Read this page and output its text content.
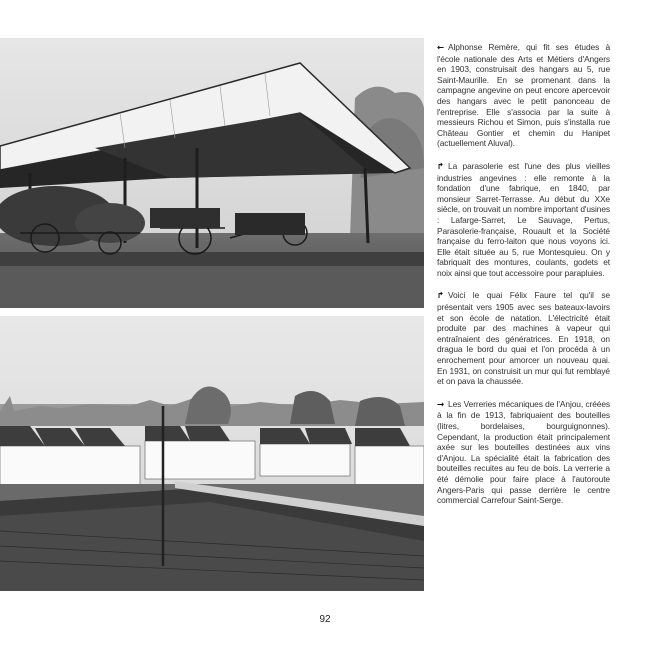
← Alphonse Remère, qui fit ses études à l'école nationale des Arts et Métiers d'Angers en 1903, construisait des hangars au 5, rue Saint-Maurille. En se promenant dans la campagne angevine on peut encore apercevoir des hangars avec le petit panonceau de l'entreprise. Elle s'associa par la suite à messieurs Richou et Simon, puis s'installa rue Château Gontier et chemin du Hanipet (actuellement Aluval).

↱ La parasolerie est l'une des plus vieilles industries angevines : elle remonte à la fondation d'une fabrique, en 1840, par monsieur Sarret-Terrasse. Au début du XXe siècle, on trouvait un nombre important d'usines : Lafarge-Sarret, Le Sauvage, Pertus, Parasolerie-française, Rouault et la Société française du ferro-laiton que nous voyons ici. Elle était située au 5, rue Montesquieu. On y fabriquait des montures, coulants, godets et noix ainsi que tout accessoire pour parapluies.

↱ Voici le quai Félix Faure tel qu'il se présentait vers 1905 avec ses bateaux-lavoirs et son école de natation. L'électricité était produite par des machines à vapeur qui entraînaient des génératrices. En 1918, on dragua le bord du quai et l'on procéda à un enrochement pour amorcer un nouveau quai. En 1931, on construisit un mur qui fut remblayé et on pava la chaussée.

→ Les Verreries mécaniques de l'Anjou, créées à la fin de 1913, fabriquaient des bouteilles (litres, bordelaises, bourguignonnes). Cependant, la production était principalement axée sur les bouteilles destinées aux vins d'Anjou. La spécialité était la fabrication des bouteilles recuites au feu de bois. La verrerie a été démolie pour faire place à l'autoroute Angers-Paris qui passe derrière le centre commercial Carrefour Saint-Serge.

92
